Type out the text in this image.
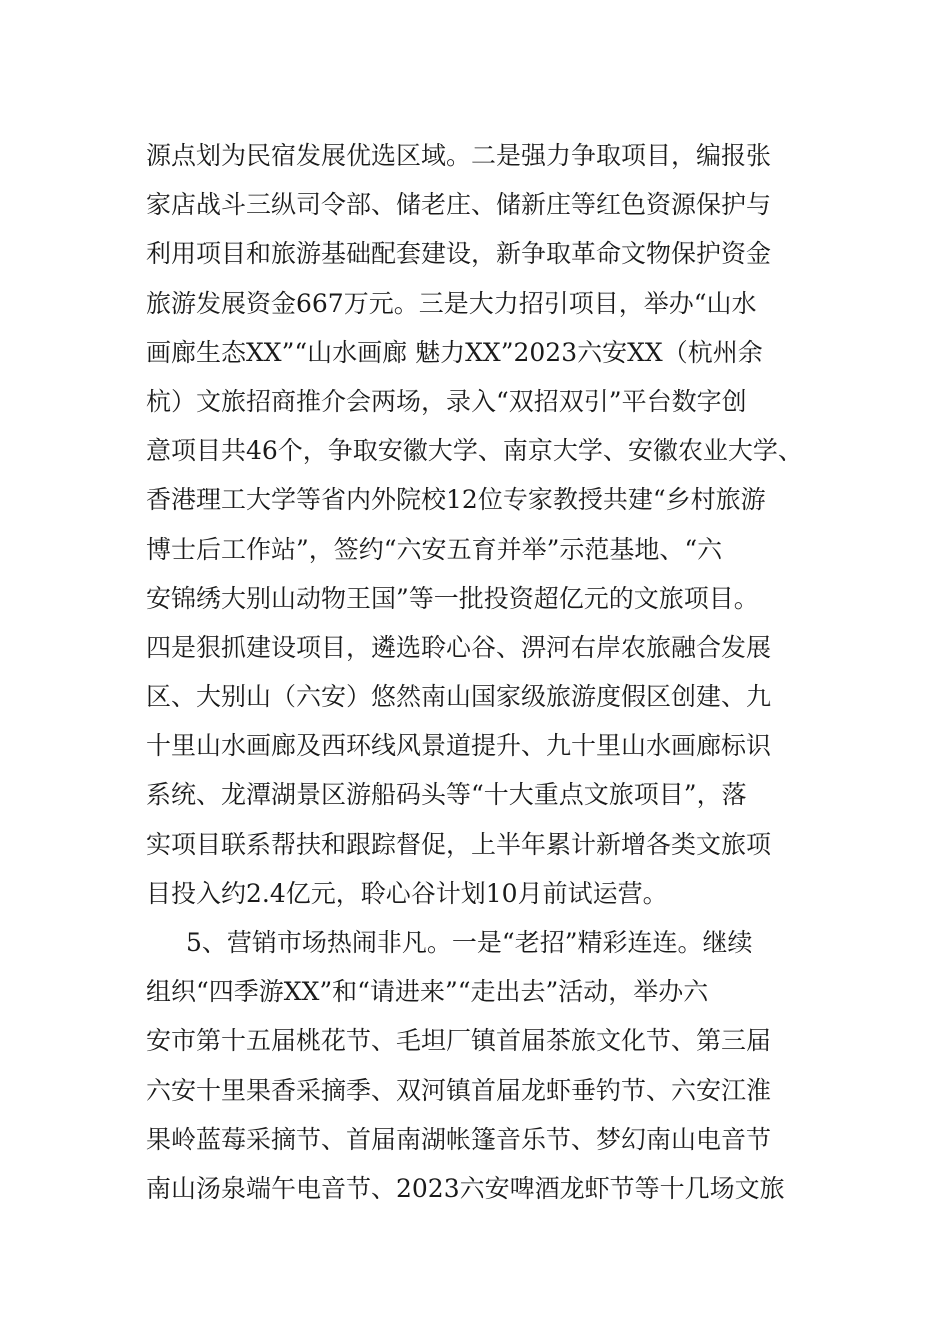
源点划为民宿发展优选区域。二是强力争取项目，编报张
家店战斗三纵司令部、储老庄、储新庄等红色资源保护与
利用项目和旅游基础配套建设，新争取革命文物保护资金
旅游发展资金667万元。三是大力招引项目，举办“山水
画廊生态XX”“山水画廊 魅力XX”2023六安XX（杭州余
杭）文旅招商推介会两场，录入“双招双引”平台数字创
意项目共46个，争取安徽大学、南京大学、安徽农业大学、
香港理工大学等省内外院校12位专家教授共建“乡村旅游
博士后工作站”，签约“六安五育并举”示范基地、“六
安锦绣大别山动物王国”等一批投资超亿元的文旅项目。
四是狠抓建设项目，遴选聆心谷、淠河右岸农旅融合发展
区、大别山（六安）悠然南山国家级旅游度假区创建、九
十里山水画廊及西环线风景道提升、九十里山水画廊标识
系统、龙潭湖景区游船码头等“十大重点文旅项目”，落
实项目联系帮扶和跟踪督促，上半年累计新增各类文旅项
目投入约2.4亿元，聆心谷计划10月前试运营。
5、营销市场热闹非凡。一是“老招”精彩连连。继续
组织“四季游XX”和“请进来”“走出去”活动，举办六
安市第十五届桃花节、毛坦厂镇首届茶旅文化节、第三届
六安十里果香采摘季、双河镇首届龙虾垂钓节、六安江淮
果岭蓝莓采摘节、首届南湖帐篷音乐节、梦幻南山电音节
南山汤泉端午电音节、2023六安啤酒龙虾节等十几场文旅
